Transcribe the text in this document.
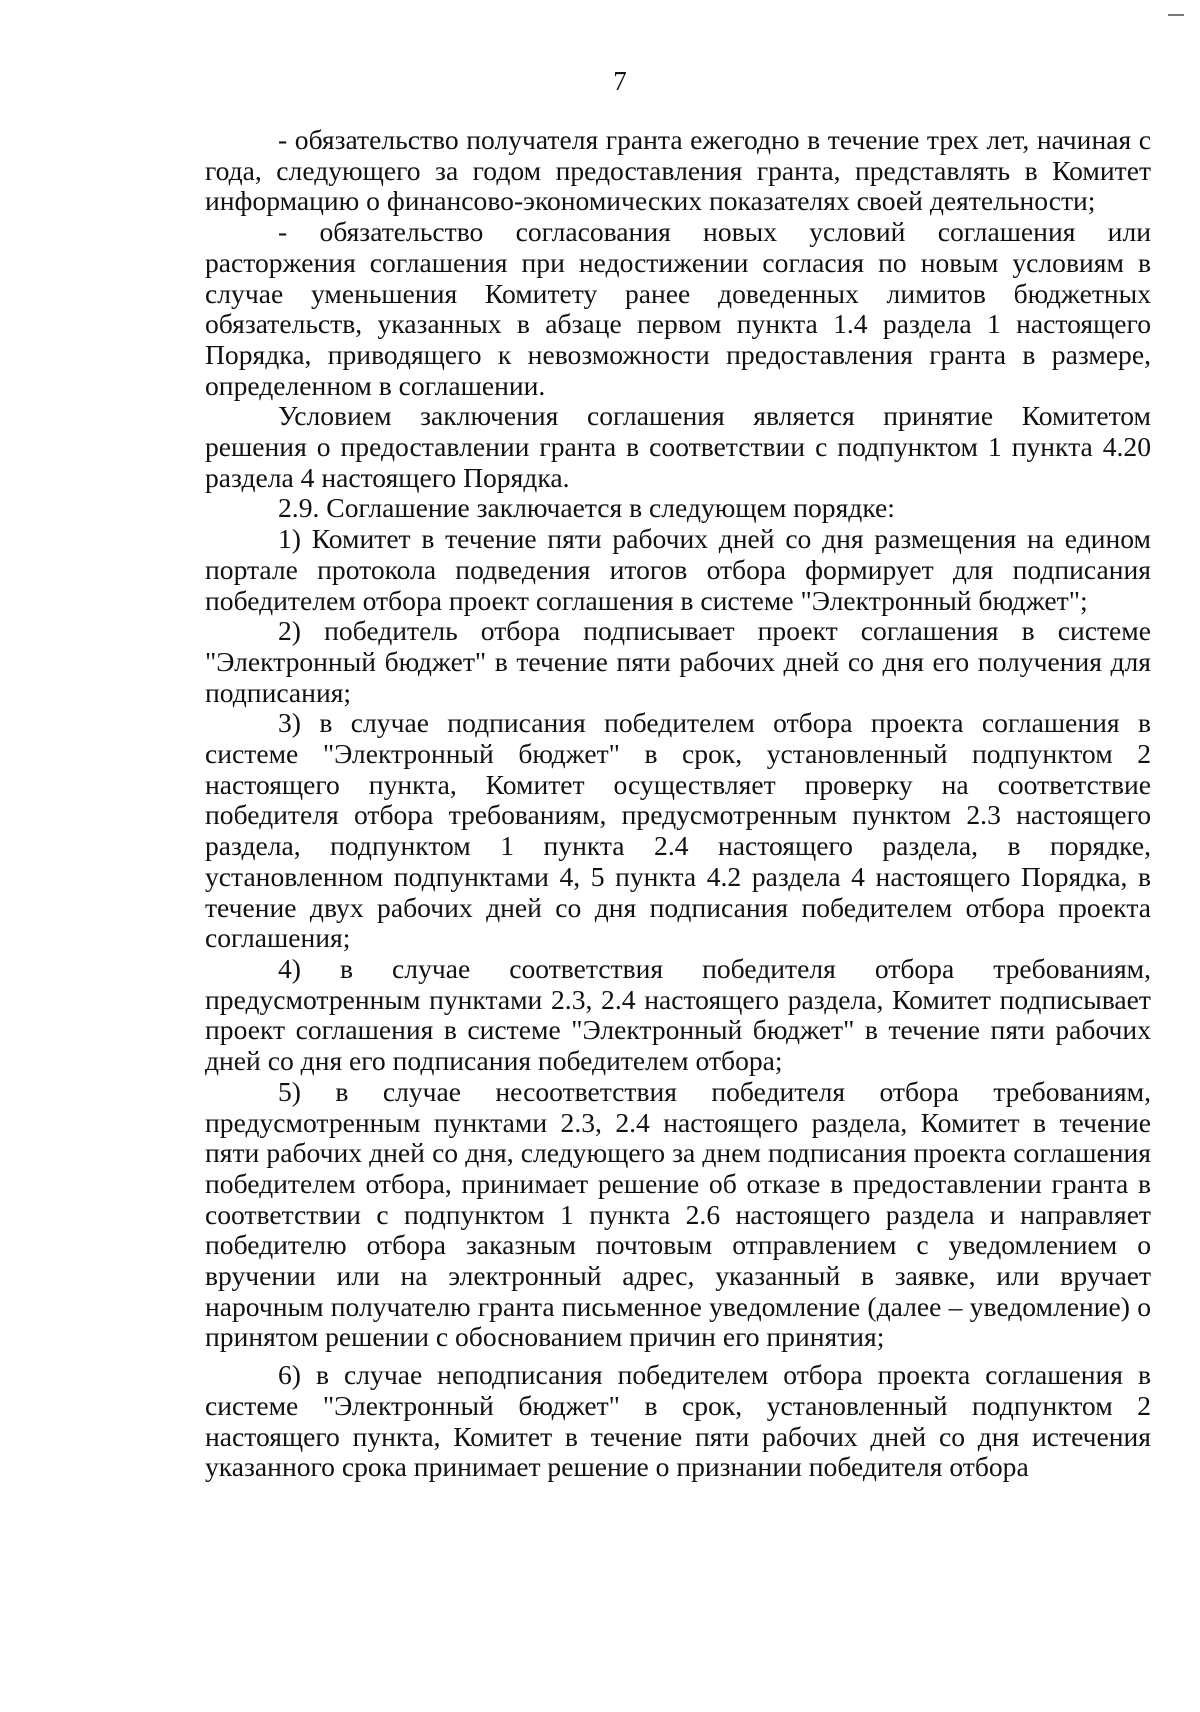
7

- обязательство получателя гранта ежегодно в течение трех лет, начиная с года, следующего за годом предоставления гранта, представлять в Комитет информацию о финансово-экономических показателях своей деятельности;

- обязательство согласования новых условий соглашения или расторжения соглашения при недостижении согласия по новым условиям в случае уменьшения Комитету ранее доведенных лимитов бюджетных обязательств, указанных в абзаце первом пункта 1.4 раздела 1 настоящего Порядка, приводящего к невозможности предоставления гранта в размере, определенном в соглашении.

Условием заключения соглашения является принятие Комитетом решения о предоставлении гранта в соответствии с подпунктом 1 пункта 4.20 раздела 4 настоящего Порядка.

2.9. Соглашение заключается в следующем порядке:

1) Комитет в течение пяти рабочих дней со дня размещения на едином портале протокола подведения итогов отбора формирует для подписания победителем отбора проект соглашения в системе "Электронный бюджет";

2) победитель отбора подписывает проект соглашения в системе "Электронный бюджет" в течение пяти рабочих дней со дня его получения для подписания;

3) в случае подписания победителем отбора проекта соглашения в системе "Электронный бюджет" в срок, установленный подпунктом 2 настоящего пункта, Комитет осуществляет проверку на соответствие победителя отбора требованиям, предусмотренным пунктом 2.3 настоящего раздела, подпунктом 1 пункта 2.4 настоящего раздела, в порядке, установленном подпунктами 4, 5 пункта 4.2 раздела 4 настоящего Порядка, в течение двух рабочих дней со дня подписания победителем отбора проекта соглашения;

4) в случае соответствия победителя отбора требованиям, предусмотренным пунктами 2.3, 2.4 настоящего раздела, Комитет подписывает проект соглашения в системе "Электронный бюджет" в течение пяти рабочих дней со дня его подписания победителем отбора;

5) в случае несоответствия победителя отбора требованиям, предусмотренным пунктами 2.3, 2.4 настоящего раздела, Комитет в течение пяти рабочих дней со дня, следующего за днем подписания проекта соглашения победителем отбора, принимает решение об отказе в предоставлении гранта в соответствии с подпунктом 1 пункта 2.6 настоящего раздела и направляет победителю отбора заказным почтовым отправлением с уведомлением о вручении или на электронный адрес, указанный в заявке, или вручает нарочным получателю гранта письменное уведомление (далее – уведомление) о принятом решении с обоснованием причин его принятия;

6) в случае неподписания победителем отбора проекта соглашения в системе "Электронный бюджет" в срок, установленный подпунктом 2 настоящего пункта, Комитет в течение пяти рабочих дней со дня истечения указанного срока принимает решение о признании победителя отбора
